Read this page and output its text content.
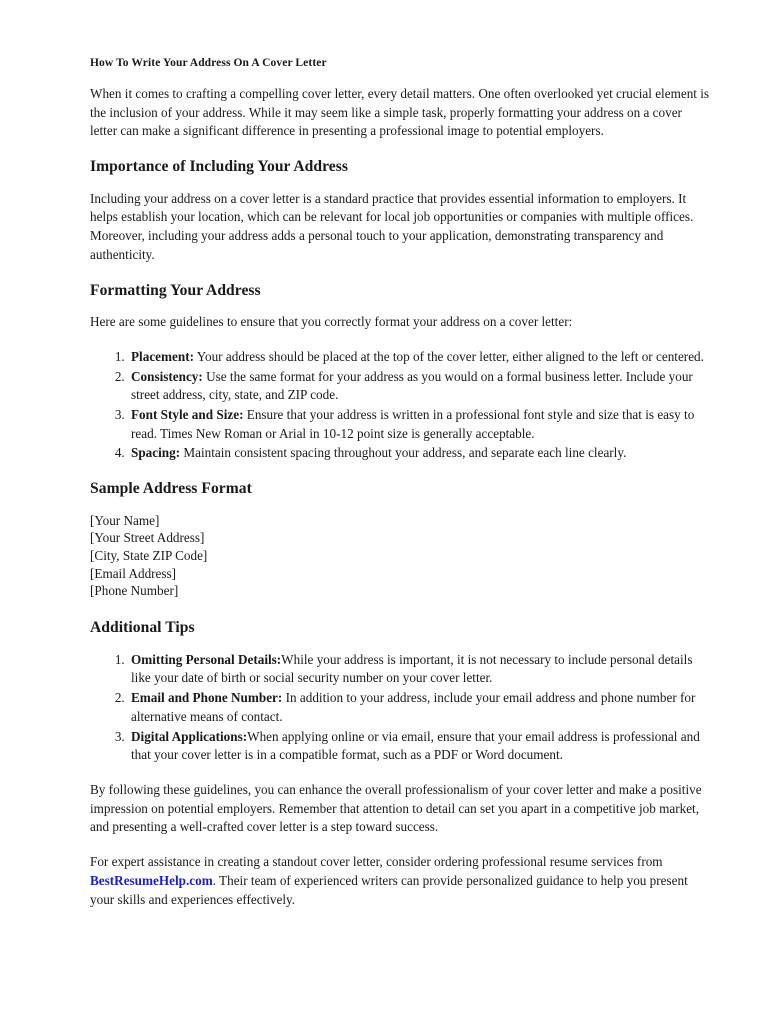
How To Write Your Address On A Cover Letter

When it comes to crafting a compelling cover letter, every detail matters. One often overlooked yet crucial element is the inclusion of your address. While it may seem like a simple task, properly formatting your address on a cover letter can make a significant difference in presenting a professional image to potential employers.

Importance of Including Your Address

Including your address on a cover letter is a standard practice that provides essential information to employers. It helps establish your location, which can be relevant for local job opportunities or companies with multiple offices. Moreover, including your address adds a personal touch to your application, demonstrating transparency and authenticity.

Formatting Your Address

Here are some guidelines to ensure that you correctly format your address on a cover letter:

1. Placement: Your address should be placed at the top of the cover letter, either aligned to the left or centered.
2. Consistency: Use the same format for your address as you would on a formal business letter. Include your street address, city, state, and ZIP code.
3. Font Style and Size: Ensure that your address is written in a professional font style and size that is easy to read. Times New Roman or Arial in 10-12 point size is generally acceptable.
4. Spacing: Maintain consistent spacing throughout your address, and separate each line clearly.
Sample Address Format
[Your Name]
[Your Street Address]
[City, State ZIP Code]
[Email Address]
[Phone Number]
Additional Tips
1. Omitting Personal Details:While your address is important, it is not necessary to include personal details like your date of birth or social security number on your cover letter.
2. Email and Phone Number: In addition to your address, include your email address and phone number for alternative means of contact.
3. Digital Applications:When applying online or via email, ensure that your email address is professional and that your cover letter is in a compatible format, such as a PDF or Word document.

By following these guidelines, you can enhance the overall professionalism of your cover letter and make a positive impression on potential employers. Remember that attention to detail can set you apart in a competitive job market, and presenting a well-crafted cover letter is a step toward success.

For expert assistance in creating a standout cover letter, consider ordering professional resume services from BestResumeHelp.com. Their team of experienced writers can provide personalized guidance to help you present your skills and experiences effectively.
